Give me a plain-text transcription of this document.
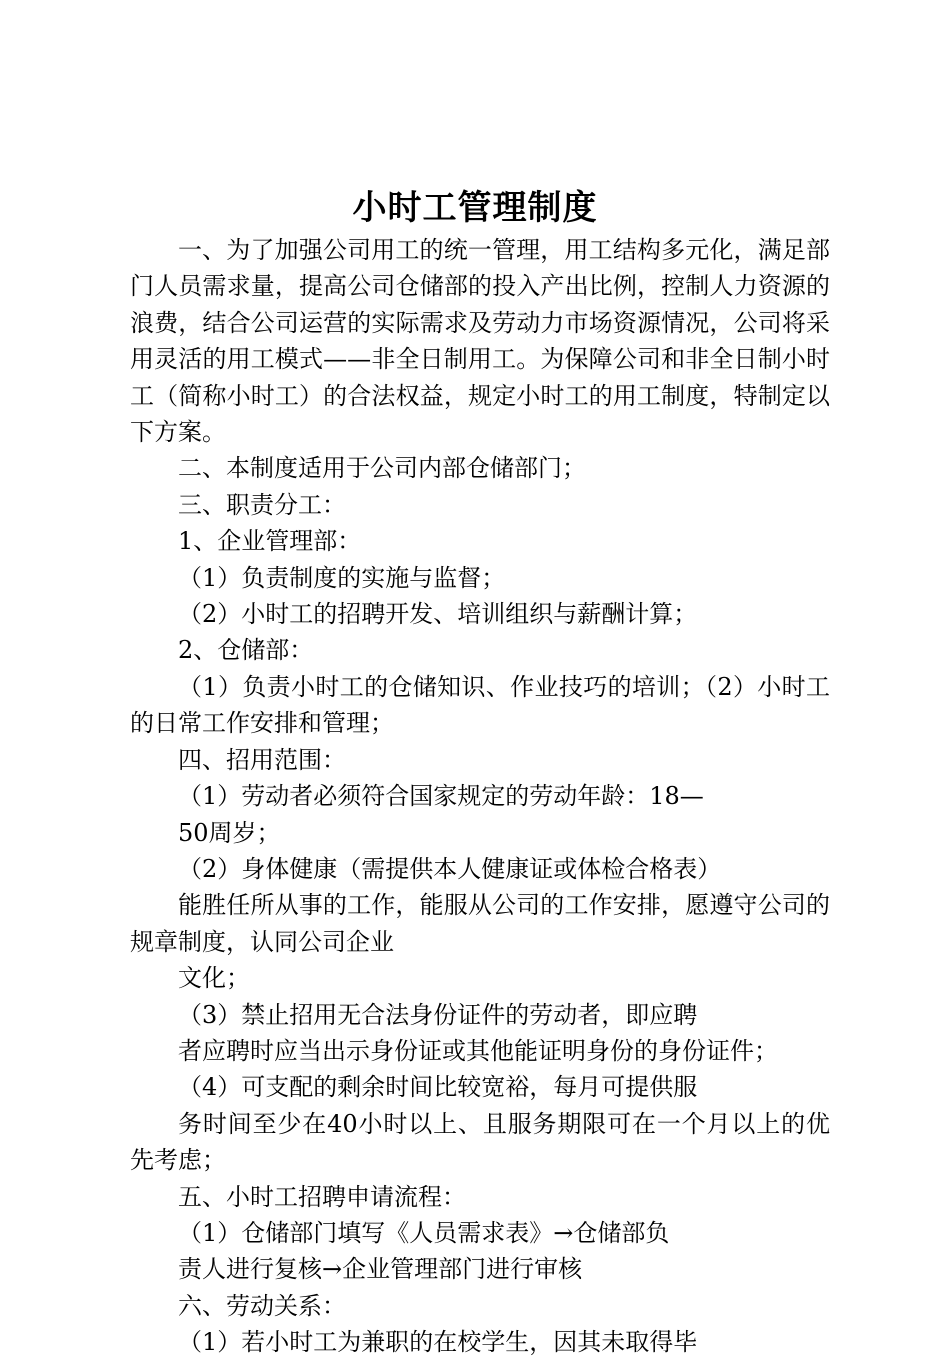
小时工管理制度

一、为了加强公司用工的统一管理，用工结构多元化，满足部门人员需求量，提高公司仓储部的投入产出比例，控制人力资源的浪费，结合公司运营的实际需求及劳动力市场资源情况，公司将采用灵活的用工模式——非全日制用工。为保障公司和非全日制小时工（简称小时工）的合法权益，规定小时工的用工制度，特制定以下方案。

二、本制度适用于公司内部仓储部门；

三、职责分工：

1、企业管理部：

（1）负责制度的实施与监督；

（2）小时工的招聘开发、培训组织与薪酬计算；

2、仓储部：

（1）负责小时工的仓储知识、作业技巧的培训；（2）小时工的日常工作安排和管理；

四、招用范围：

（1）劳动者必须符合国家规定的劳动年龄：18—

50周岁；

（2）身体健康（需提供本人健康证或体检合格表）

能胜任所从事的工作，能服从公司的工作安排，愿遵守公司的规章制度，认同公司企业

文化；

（3）禁止招用无合法身份证件的劳动者，即应聘

者应聘时应当出示身份证或其他能证明身份的身份证件；

（4）可支配的剩余时间比较宽裕，每月可提供服

务时间至少在40小时以上、且服务期限可在一个月以上的优先考虑；

五、小时工招聘申请流程：

（1）仓储部门填写《人员需求表》→仓储部负

责人进行复核→企业管理部门进行审核

六、劳动关系：

（1）若小时工为兼职的在校学生，因其未取得毕
